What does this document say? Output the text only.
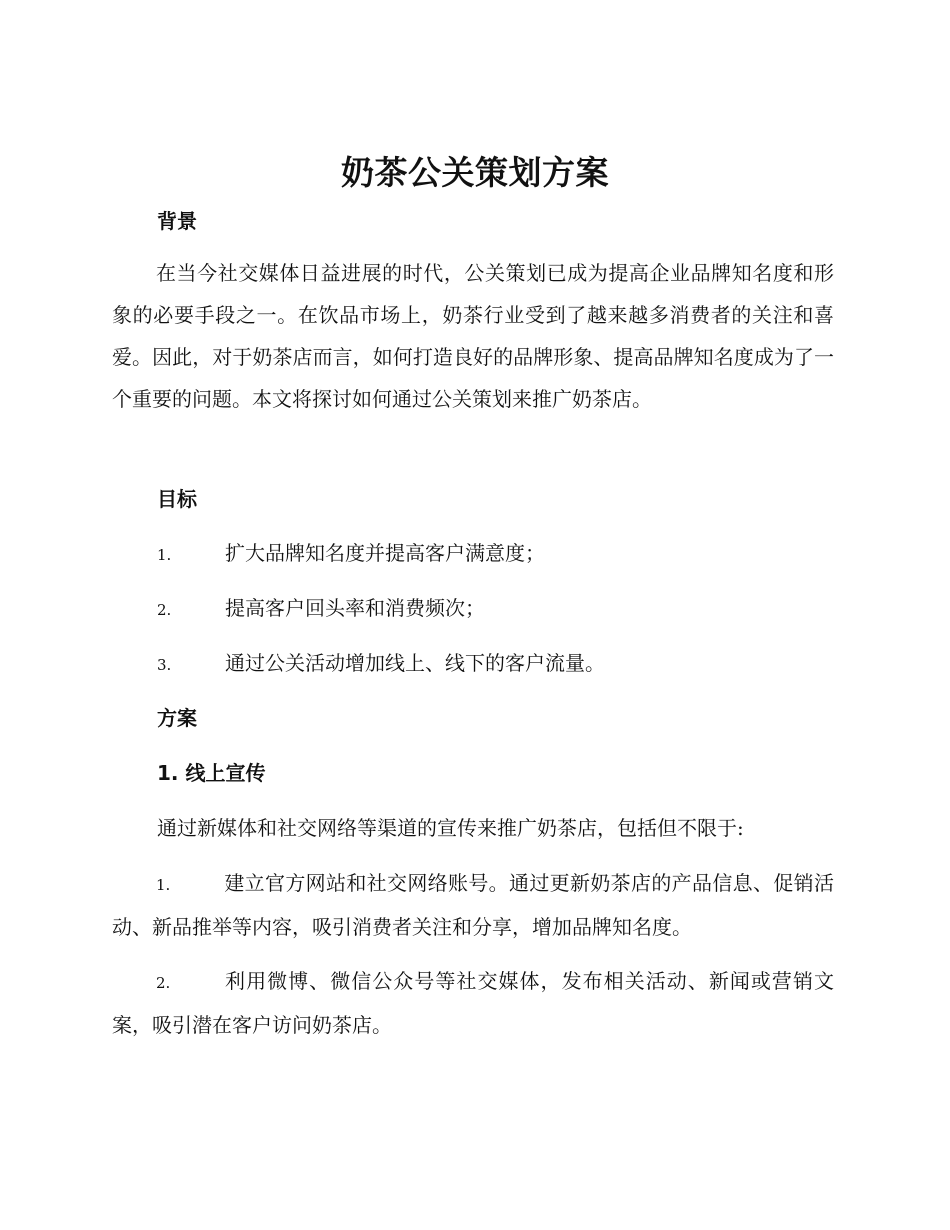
奶茶公关策划方案
背景

在当今社交媒体日益进展的时代，公关策划已成为提高企业品牌知名度和形象的必要手段之一。在饮品市场上，奶茶行业受到了越来越多消费者的关注和喜爱。因此，对于奶茶店而言，如何打造良好的品牌形象、提高品牌知名度成为了一个重要的问题。本文将探讨如何通过公关策划来推广奶茶店。

目标
1.	扩大品牌知名度并提高客户满意度；
2.	提高客户回头率和消费频次；
3.	通过公关活动增加线上、线下的客户流量。
方案
1. 线上宣传
通过新媒体和社交网络等渠道的宣传来推广奶茶店，包括但不限于:

1.	建立官方网站和社交网络账号。通过更新奶茶店的产品信息、促销活动、新品推举等内容，吸引消费者关注和分享，增加品牌知名度。

2.	利用微博、微信公众号等社交媒体，发布相关活动、新闻或营销文案，吸引潜在客户访问奶茶店。
